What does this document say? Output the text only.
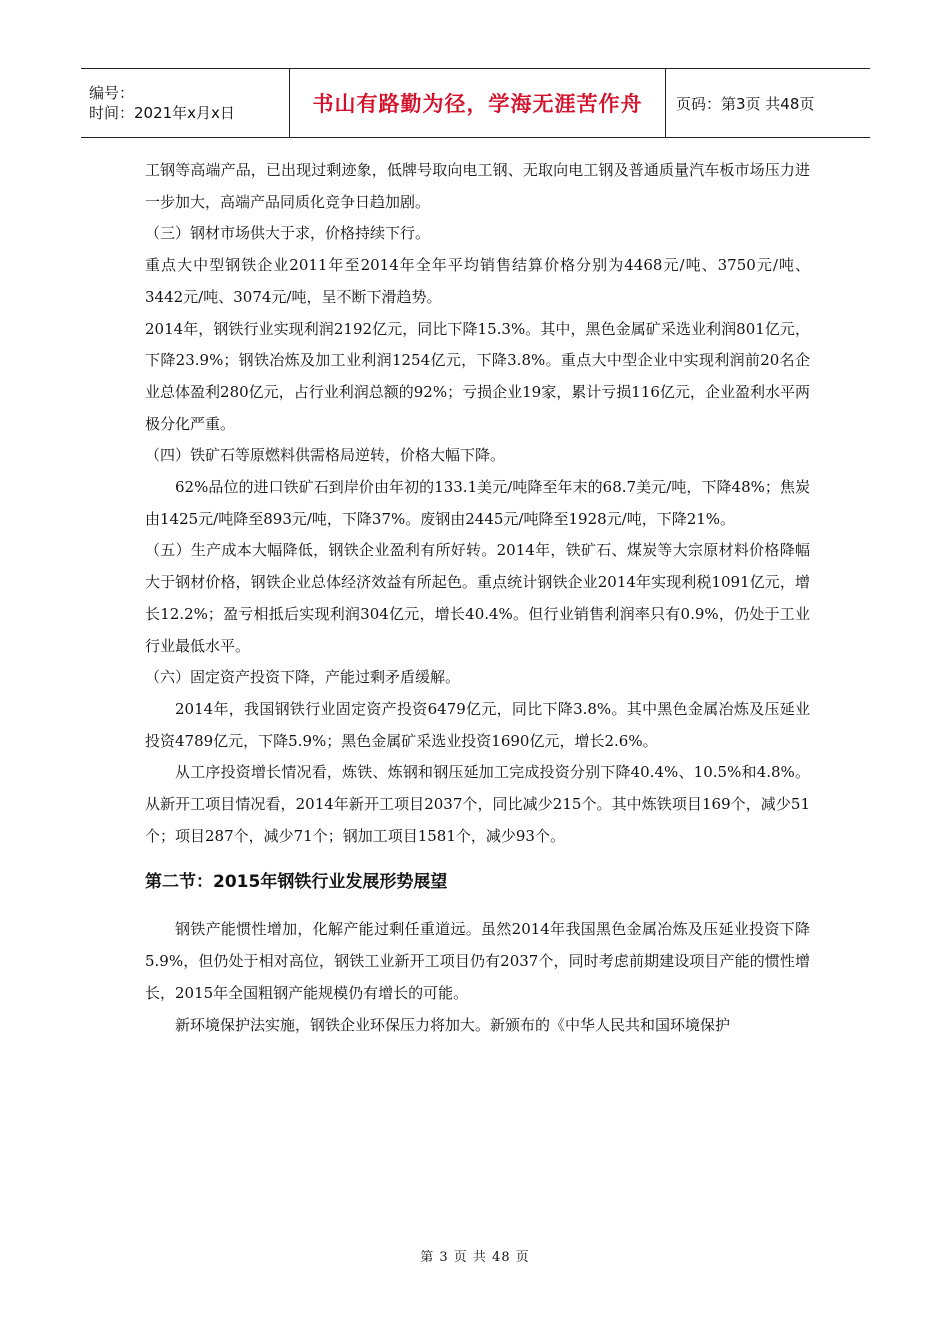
编号：
时间：2021年x月x日	书山有路勤为径，学海无涯苦作舟	页码：第3页 共48页

工钢等高端产品，已出现过剩迹象，低牌号取向电工钢、无取向电工钢及普通质量汽车板市场压力进一步加大，高端产品同质化竞争日趋加剧。

（三）钢材市场供大于求，价格持续下行。

重点大中型钢铁企业2011年至2014年全年平均销售结算价格分别为4468元/吨、3750元/吨、3442元/吨、3074元/吨，呈不断下滑趋势。

2014年，钢铁行业实现利润2192亿元，同比下降15.3%。其中，黑色金属矿采选业利润801亿元，下降23.9%；钢铁冶炼及加工业利润1254亿元，下降3.8%。重点大中型企业中实现利润前20名企业总体盈利280亿元，占行业利润总额的92%；亏损企业19家，累计亏损116亿元，企业盈利水平两极分化严重。

（四）铁矿石等原燃料供需格局逆转，价格大幅下降。

62%品位的进口铁矿石到岸价由年初的133.1美元/吨降至年末的68.7美元/吨，下降48%；焦炭由1425元/吨降至893元/吨，下降37%。废钢由2445元/吨降至1928元/吨，下降21%。

（五）生产成本大幅降低，钢铁企业盈利有所好转。2014年，铁矿石、煤炭等大宗原材料价格降幅大于钢材价格，钢铁企业总体经济效益有所起色。重点统计钢铁企业2014年实现利税1091亿元，增长12.2%；盈亏相抵后实现利润304亿元，增长40.4%。但行业销售利润率只有0.9%，仍处于工业行业最低水平。

（六）固定资产投资下降，产能过剩矛盾缓解。

2014年，我国钢铁行业固定资产投资6479亿元，同比下降3.8%。其中黑色金属冶炼及压延业投资4789亿元，下降5.9%；黑色金属矿采选业投资1690亿元，增长2.6%。

从工序投资增长情况看，炼铁、炼钢和钢压延加工完成投资分别下降40.4%、10.5%和4.8%。从新开工项目情况看，2014年新开工项目2037个，同比减少215个。其中炼铁项目169个，减少51个；项目287个，减少71个；钢加工项目1581个，减少93个。

第二节：2015年钢铁行业发展形势展望

钢铁产能惯性增加，化解产能过剩任重道远。虽然2014年我国黑色金属冶炼及压延业投资下降5.9%，但仍处于相对高位，钢铁工业新开工项目仍有2037个，同时考虑前期建设项目产能的惯性增长，2015年全国粗钢产能规模仍有增长的可能。

新环境保护法实施，钢铁企业环保压力将加大。新颁布的《中华人民共和国环境保护

第 3 页 共 48 页
